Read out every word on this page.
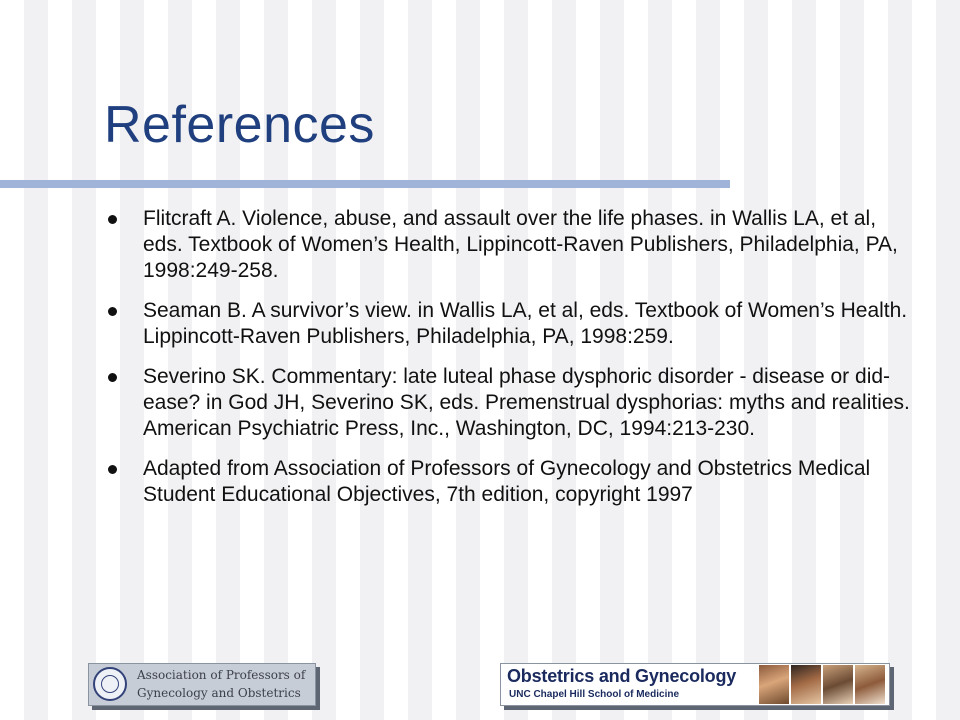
References
Flitcraft A. Violence, abuse, and assault over the life phases. in Wallis LA, et al, eds. Textbook of Women’s Health, Lippincott-Raven Publishers, Philadelphia, PA, 1998:249-258.
Seaman B. A survivor’s view. in Wallis LA, et al, eds. Textbook of Women’s Health. Lippincott-Raven Publishers, Philadelphia, PA, 1998:259.
Severino SK. Commentary: late luteal phase dysphoric disorder - disease or did-ease? in God JH, Severino SK, eds. Premenstrual dysphorias: myths and realities. American Psychiatric Press, Inc., Washington, DC, 1994:213-230.
Adapted from Association of Professors of Gynecology and Obstetrics Medical Student Educational Objectives, 7th edition, copyright 1997
Association of Professors of
Gynecology and Obstetrics
Obstetrics and Gynecology
UNC Chapel Hill School of Medicine
